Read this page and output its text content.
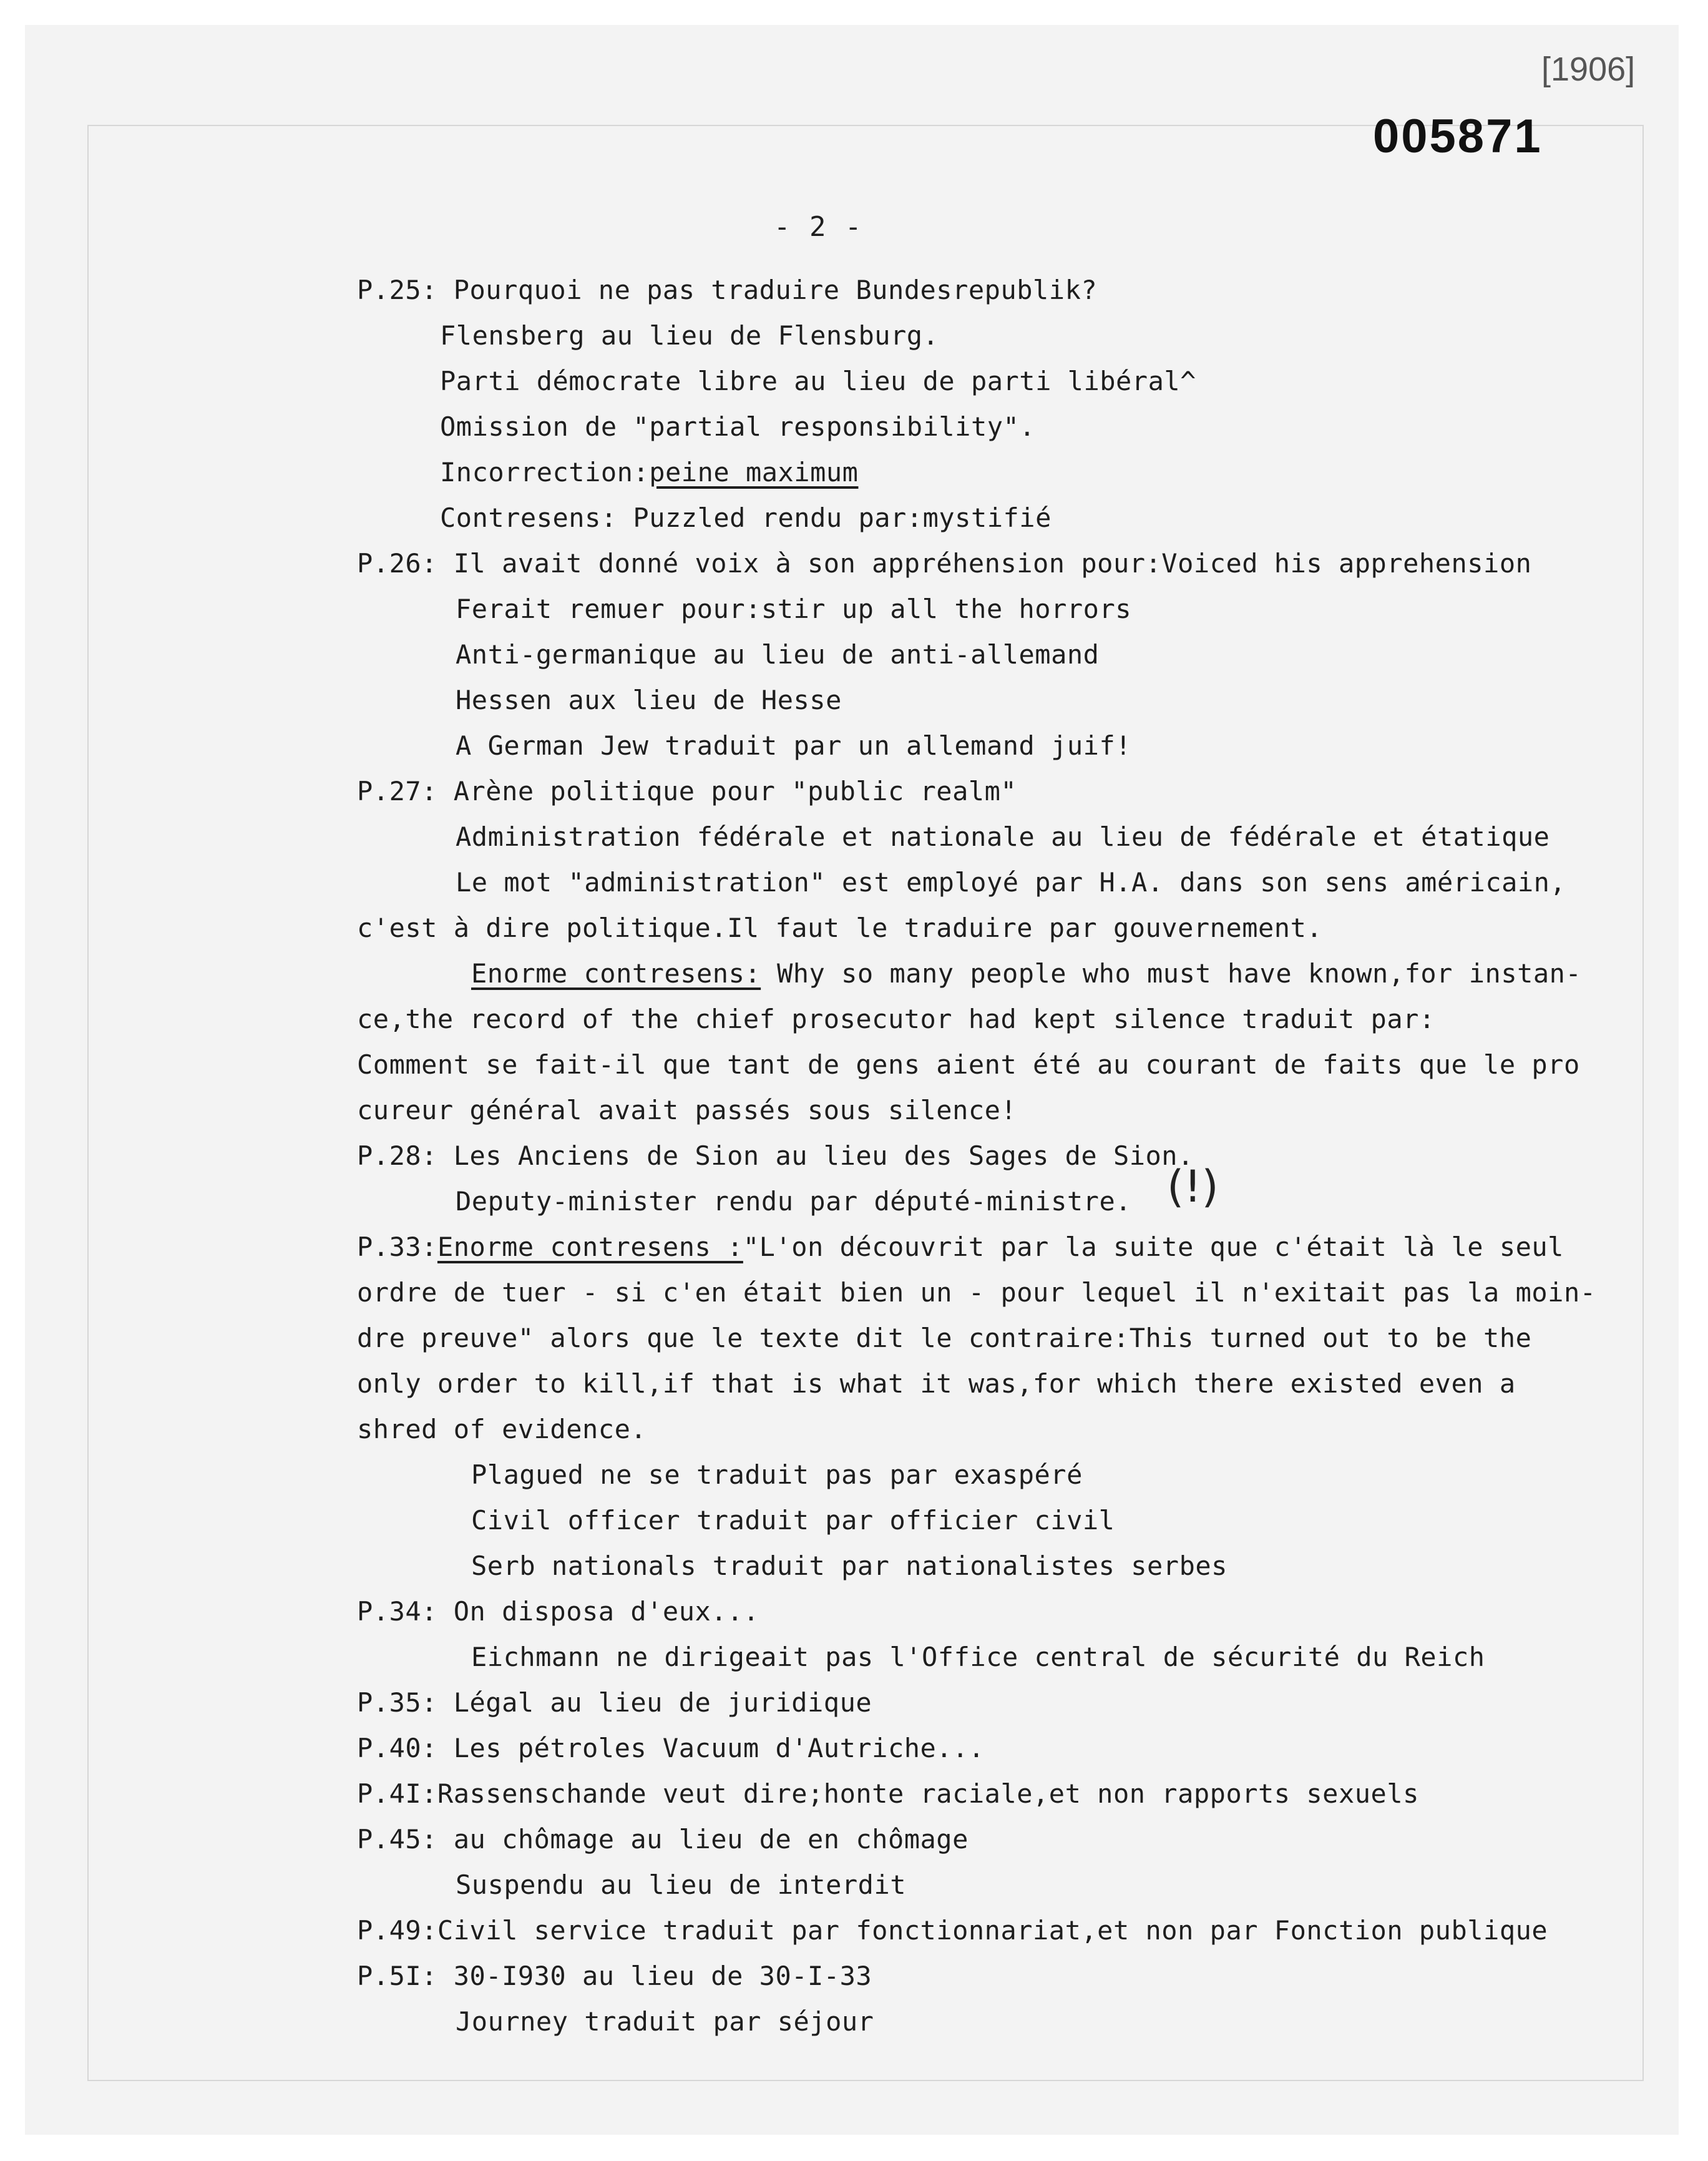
[1906]
005871
- 2 -
P.25: Pourquoi ne pas traduire Bundesrepublik?
Flensberg au lieu de Flensburg.
Parti démocrate libre au lieu de parti libéral^
Omission de "partial responsibility".
Incorrection:peine maximum
Contresens: Puzzled rendu par:mystifié
P.26: Il avait donné voix à son appréhension pour:Voiced his apprehension
Ferait remuer pour:stir up all the horrors
Anti-germanique au lieu de anti-allemand
Hessen aux lieu de Hesse
A German Jew traduit par un allemand juif!
P.27: Arène politique pour "public realm"
Administration fédérale et nationale au lieu de fédérale et étatique
Le mot "administration" est employé par H.A. dans son sens américain,
c'est à dire politique.Il faut le traduire par gouvernement.
Enorme contresens: Why so many people who must have known,for instan-
ce,the record of the chief prosecutor had kept silence traduit par:
Comment se fait-il que tant de gens aient été au courant de faits que le pro
cureur général avait passés sous silence!
P.28: Les Anciens de Sion au lieu des Sages de Sion.
Deputy-minister rendu par député-ministre. (!)
P.33:Enorme contresens :"L'on découvrit par la suite que c'était là le seul
ordre de tuer - si c'en était bien un - pour lequel il n'exitait pas la moin-
dre preuve" alors que le texte dit le contraire:This turned out to be the
only order to kill,if that is what it was,for which there existed even a
shred of evidence.
Plagued ne se traduit pas par exaspéré
Civil officer traduit par officier civil
Serb nationals traduit par nationalistes serbes
P.34: On disposa d'eux...
Eichmann ne dirigeait pas l'Office central de sécurité du Reich
P.35: Légal au lieu de juridique
P.40: Les pétroles Vacuum d'Autriche...
P.4I:Rassenschande veut dire;honte raciale,et non rapports sexuels
P.45: au chômage au lieu de en chômage
Suspendu au lieu de interdit
P.49:Civil service traduit par fonctionnariat,et non par Fonction publique
P.5I: 30-I930 au lieu de 30-I-33
Journey traduit par séjour
